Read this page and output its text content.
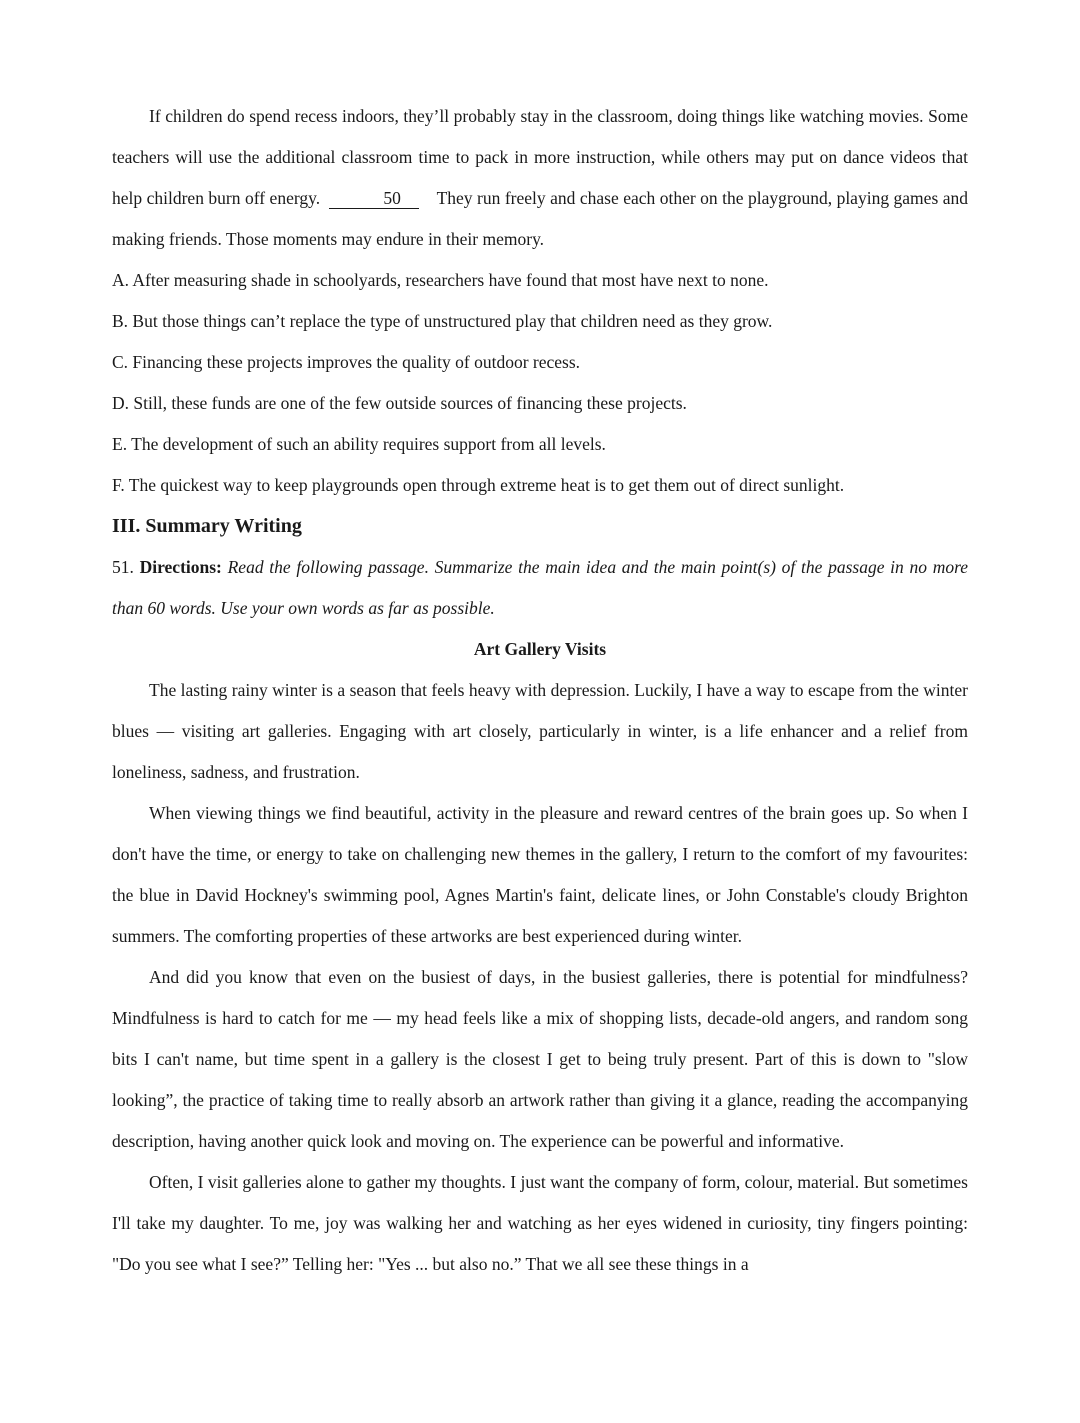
If children do spend recess indoors, they’ll probably stay in the classroom, doing things like watching movies. Some teachers will use the additional classroom time to pack in more instruction, while others may put on dance videos that help children burn off energy.	50 They run freely and chase each other on the playground, playing games and making friends. Those moments may endure in their memory.

A. After measuring shade in schoolyards, researchers have found that most have next to none.

B. But those things can’t replace the type of unstructured play that children need as they grow.

C. Financing these projects improves the quality of outdoor recess.

D. Still, these funds are one of the few outside sources of financing these projects.

E. The development of such an ability requires support from all levels.

F. The quickest way to keep playgrounds open through extreme heat is to get them out of direct sunlight.

III. Summary Writing

51. Directions: Read the following passage. Summarize the main idea and the main point(s) of the passage in no more than 60 words. Use your own words as far as possible.

Art Gallery Visits

The lasting rainy winter is a season that feels heavy with depression. Luckily, I have a way to escape from the winter blues — visiting art galleries. Engaging with art closely, particularly in winter, is a life enhancer and a relief from loneliness, sadness, and frustration.

When viewing things we find beautiful, activity in the pleasure and reward centres of the brain goes up. So when I don't have the time, or energy to take on challenging new themes in the gallery, I return to the comfort of my favourites: the blue in David Hockney's swimming pool, Agnes Martin's faint, delicate lines, or John Constable's cloudy Brighton summers. The comforting properties of these artworks are best experienced during winter.

And did you know that even on the busiest of days, in the busiest galleries, there is potential for mindfulness? Mindfulness is hard to catch for me — my head feels like a mix of shopping lists, decade-old angers, and random song bits I can't name, but time spent in a gallery is the closest I get to being truly present. Part of this is down to "slow looking”, the practice of taking time to really absorb an artwork rather than giving it a glance, reading the accompanying description, having another quick look and moving on. The experience can be powerful and informative.

Often, I visit galleries alone to gather my thoughts. I just want the company of form, colour, material. But sometimes I'll take my daughter. To me, joy was walking her and watching as her eyes widened in curiosity, tiny fingers pointing: "Do you see what I see?” Telling her: "Yes ... but also no.” That we all see these things in a
